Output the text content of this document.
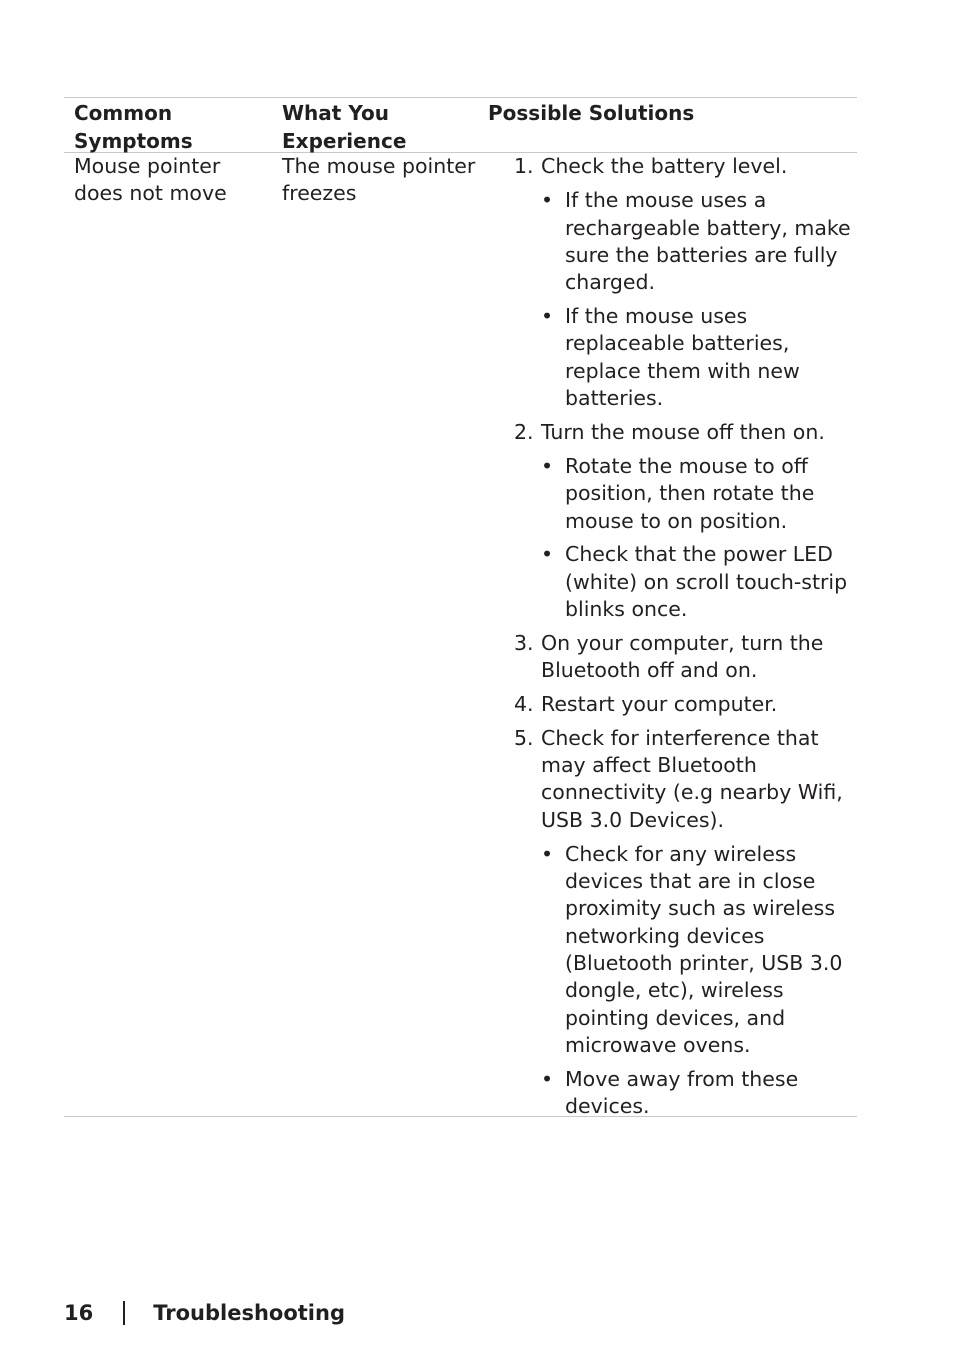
Common Symptoms
What You Experience
Possible Solutions
Mouse pointer does not move
The mouse pointer freezes
1. Check the battery level.
• If the mouse uses a rechargeable battery, make sure the batteries are fully charged.
• If the mouse uses replaceable batteries, replace them with new batteries.
2. Turn the mouse off then on.
• Rotate the mouse to off position, then rotate the mouse to on position.
• Check that the power LED (white) on scroll touch-strip blinks once.
3. On your computer, turn the Bluetooth off and on.
4. Restart your computer.
5. Check for interference that may affect Bluetooth connectivity (e.g nearby Wifi, USB 3.0 Devices).
• Check for any wireless devices that are in close proximity such as wireless networking devices (Bluetooth printer, USB 3.0 dongle, etc), wireless pointing devices, and microwave ovens.
• Move away from these devices.
16	Troubleshooting
